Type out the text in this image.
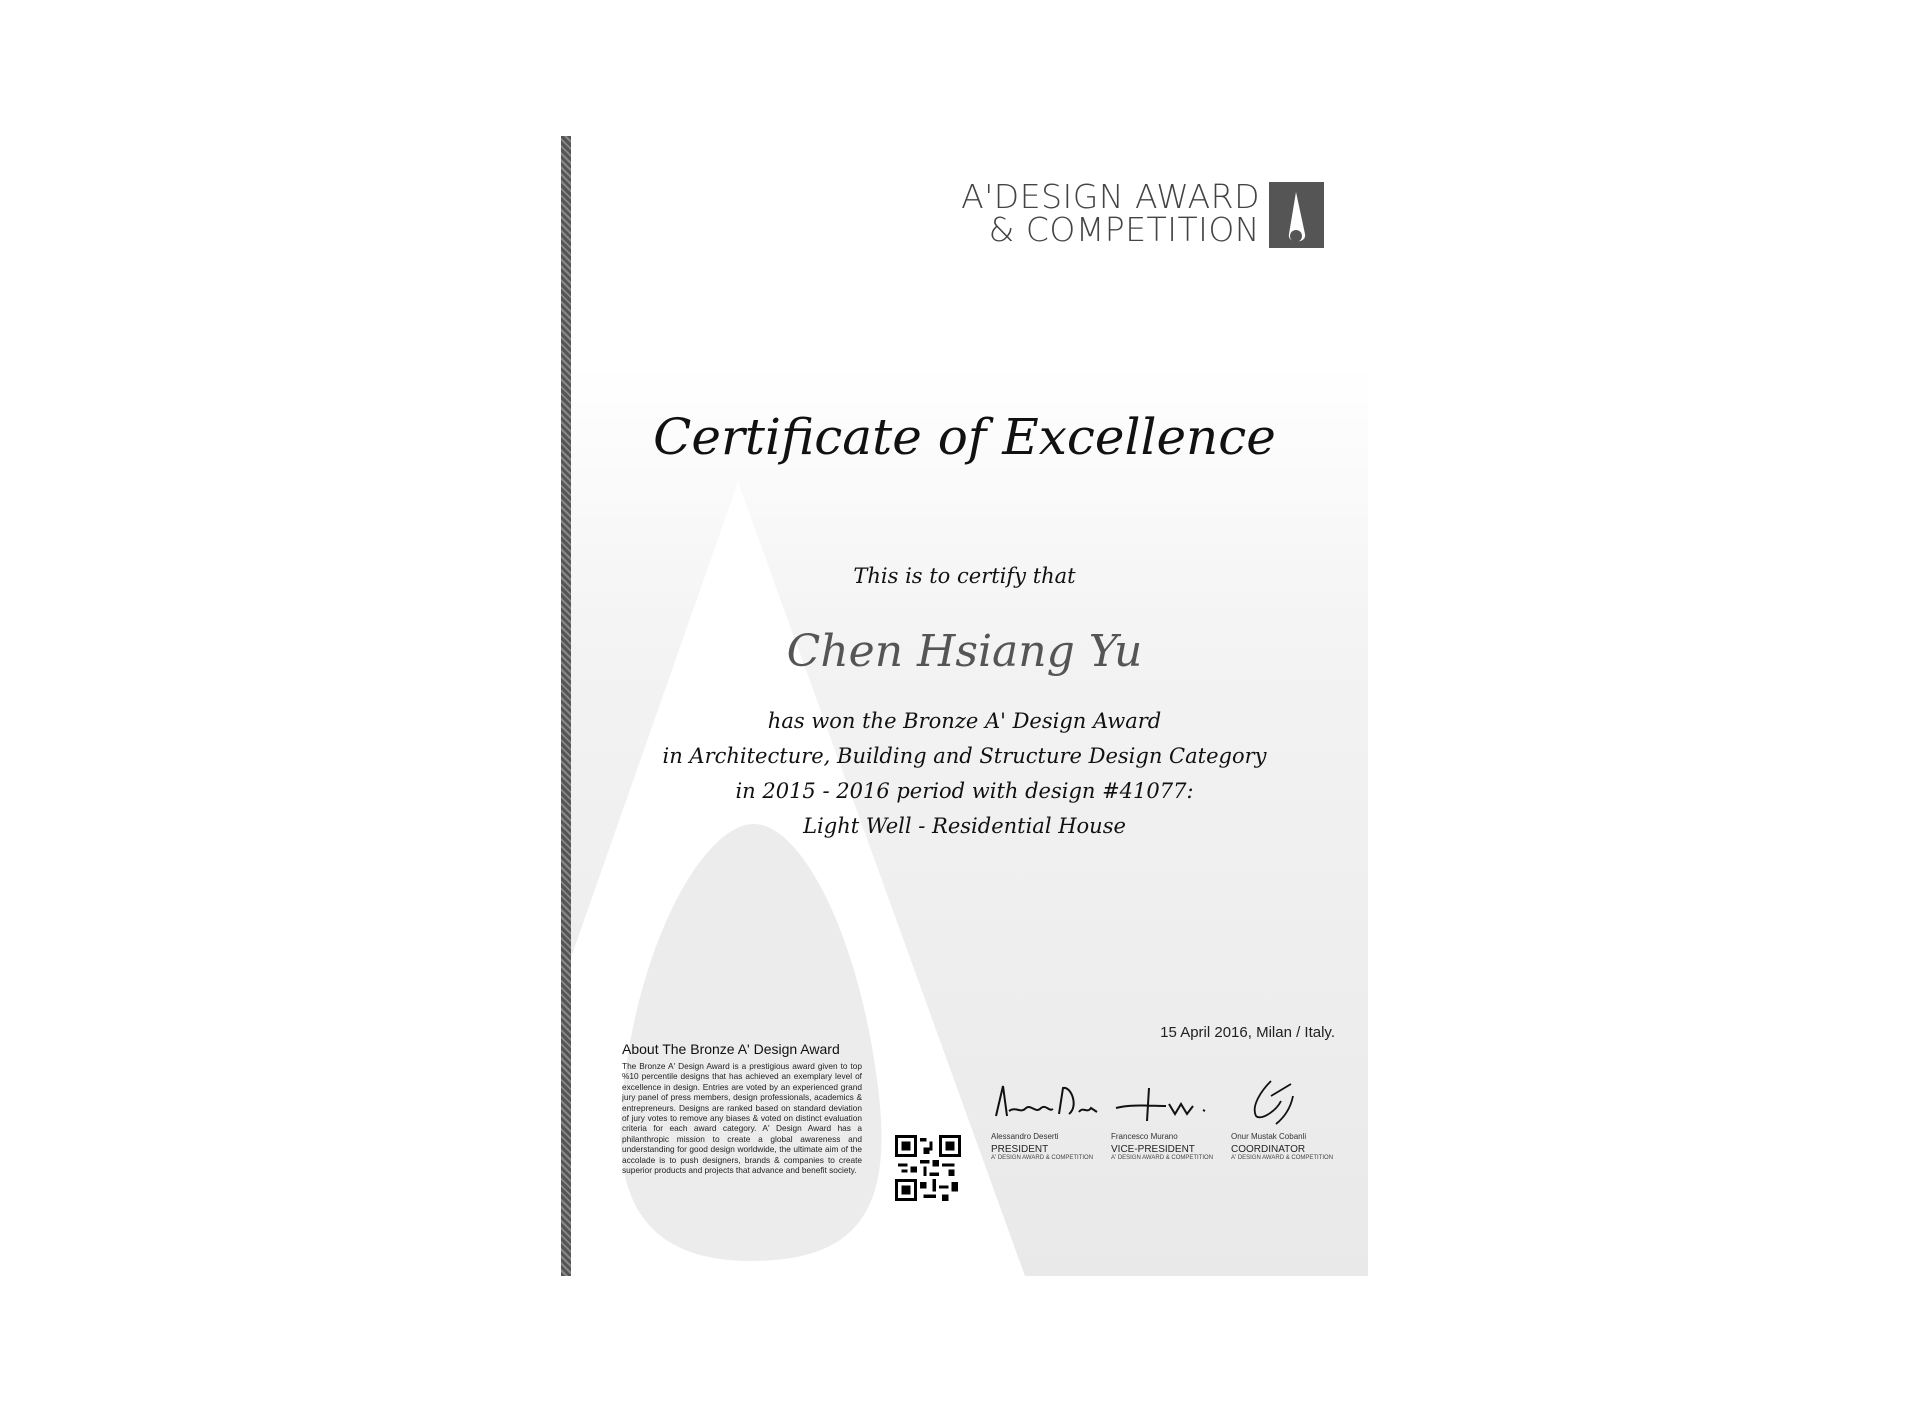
A'DESIGN AWARD
& COMPETITION
Certificate of Excellence
This is to certify that
Chen Hsiang Yu
has won the Bronze A' Design Award
in Architecture, Building and Structure Design Category
in 2015 - 2016 period with design #41077:
Light Well - Residential House
15 April 2016, Milan / Italy.
About The Bronze A' Design Award

The Bronze A' Design Award is a prestigious award given to top %10 percentile designs that has achieved an exemplary level of excellence in design. Entries are voted by an experienced grand jury panel of press members, design professionals, academics & entrepreneurs. Designs are ranked based on standard deviation of jury votes to remove any biases & voted on distinct evaluation criteria for each award category. A' Design Award has a philanthropic mission to create a global awareness and understanding for good design worldwide, the ultimate aim of the accolade is to push designers, brands & companies to create superior products and projects that advance and benefit society.

Alessandro Deserti
PRESIDENT
A' DESIGN AWARD & COMPETITION
Francesco Murano
VICE-PRESIDENT
A' DESIGN AWARD & COMPETITION
Onur Mustak Cobanli
COORDINATOR
A' DESIGN AWARD & COMPETITION
